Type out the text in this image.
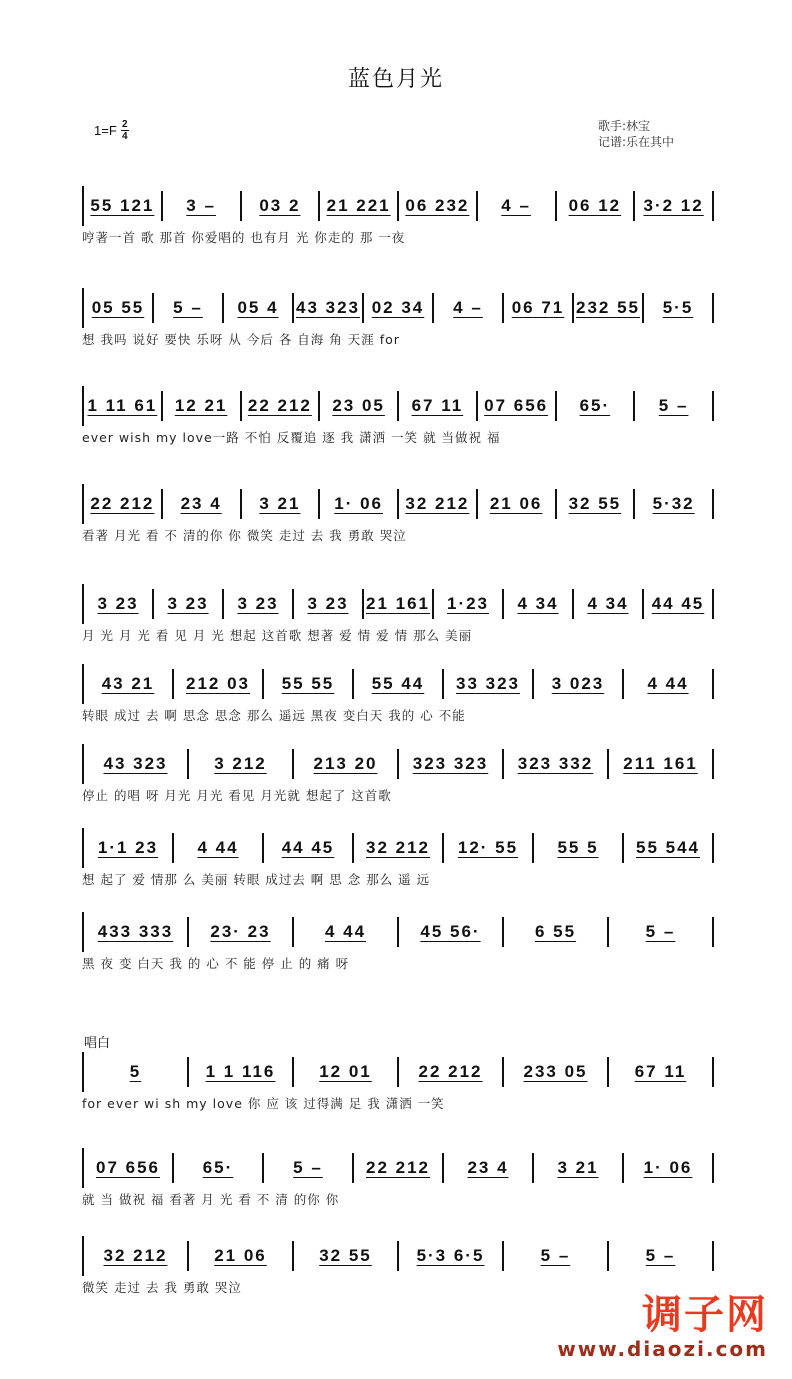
蓝色月光
$1=F \frac{2}{4}$	歌手:林宝
记谱:乐在其中
唱白
55 121	3 –	03 2	21 221 06 232	4 –	06 12	3·2 12
哼著一首 歌 那首 你爱唱的 也有月 光 你走的 那 一夜
05 55	5 –	05 4	43 323 02 34	4 –	06 71 232 55	5·5
想 我吗 说好 要快 乐呀 从 今后 各 自海 角 天涯 for
1 11 61	12 21	22 212	23 05	67 11	07 656	65·	5 –
ever wish my love一路 不怕 反覆追 逐 我 潇洒 一笑 就 当做祝 福
22 212	23 4	3 21	1· 06	32 212	21 06	32 55	5·32
看著 月光 看 不 清的你 你 微笑 走过 去 我 勇敢 哭泣
3 23	3 23	3 23	3 23	21 161 1·23	4 34	4 34	44 45
月 光 月 光 看 见 月 光 想起 这首歌 想著 爱 情 爱 情 那么 美丽
43 21	212 03	55 55	55 44	33 323	3 023	4 44
转眼 成过 去 啊 思念 思念 那么 遥远 黑夜 变白天 我的 心 不能
43 323	3 212	213 20	323 323	323 332	211 161
停止 的唱 呀 月光 月光 看见 月光就 想起了 这首歌
1·1 23	4 44	44 45	32 212	12· 55	55 5	55 544
想 起了 爱 情那 么 美丽 转眼 成过去 啊 思 念 那么 遥 远
433 333	23· 23	4 44	45 56·	6 55	5 –
黑 夜 变 白天 我 的 心 不 能 停 止 的 痛 呀
5	1 1 116	12 01	22 212	233 05	67 11
for ever wi sh my love 你 应 该 过得满 足 我 潇洒 一笑
07 656	65·	5 –	22 212	23 4	3 21	1· 06
就 当 做祝 福 看著 月 光 看 不 清 的你 你
32 212	21 06	32 55	5·3 6·5	5 –	5 –
微笑 走过 去 我 勇敢 哭泣
调子网
www.diaozi.com
